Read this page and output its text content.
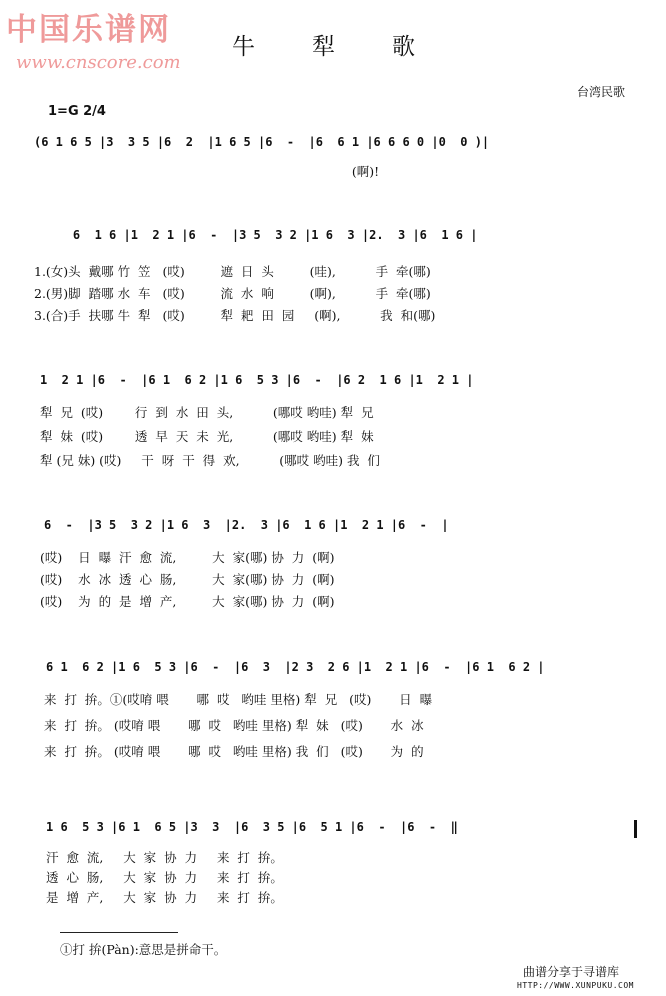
中国乐谱网
www.cnscore.com
牛　犁　歌
台湾民歌
1=G 2/4
(6 1 6 5 |3  3 5 |6  2  |1 6 5 |6  -  |6  6 1 |6 6 6 0 |0  0 )|
(啊)!
6  1 6 |1  2 1 |6  -  |3 5  3 2 |1 6  3 |2.  3 |6  1 6 |
1.(女)头  戴哪 竹  笠   (哎)         遮  日  头         (哇),          手  牵(哪)
2.(男)脚  踏哪 水  车   (哎)         流  水  响         (啊),          手  牵(哪)
3.(合)手  扶哪 牛  犁   (哎)         犁  耙  田  园     (啊),          我  和(哪)
1  2 1 |6  -  |6 1  6 2 |1 6  5 3 |6  -  |6 2  1 6 |1  2 1 |
犁  兄  (哎)        行  到  水  田  头,          (哪哎 哟哇) 犁  兄
犁  妹  (哎)        透  早  天  未  光,          (哪哎 哟哇) 犁  妹
犁 (兄 妹) (哎)     干  呀  干  得  欢,          (哪哎 哟哇) 我  们
6  -  |3 5  3 2 |1 6  3  |2.  3 |6  1 6 |1  2 1 |6  -  |
(哎)    日  曝  汗  愈  流,         大  家(哪) 协  力  (啊)
(哎)    水  冰  透  心  肠,         大  家(哪) 协  力  (啊)
(哎)    为  的  是  增  产,         大  家(哪) 协  力  (啊)
6 1  6 2 |1 6  5 3 |6  -  |6  3  |2 3  2 6 |1  2 1 |6  -  |6 1  6 2 |
来  打  拚。①(哎唷 喂       哪  哎   哟哇 里格) 犁  兄   (哎)       日  曝
来  打  拚。 (哎唷 喂       哪  哎   哟哇 里格) 犁  妹   (哎)       水  冰
来  打  拚。 (哎唷 喂       哪  哎   哟哇 里格) 我  们   (哎)       为  的
1 6  5 3 |6 1  6 5 |3  3  |6  3 5 |6  5 1 |6  -  |6  -  ‖
汗  愈  流,     大  家  协  力     来  打  拚。
透  心  肠,     大  家  协  力     来  打  拚。
是  增  产,     大  家  协  力     来  打  拚。
①打 拚(Pàn):意思是拼命干。
曲谱分享于寻谱库
HTTP://WWW.XUNPUKU.COM
